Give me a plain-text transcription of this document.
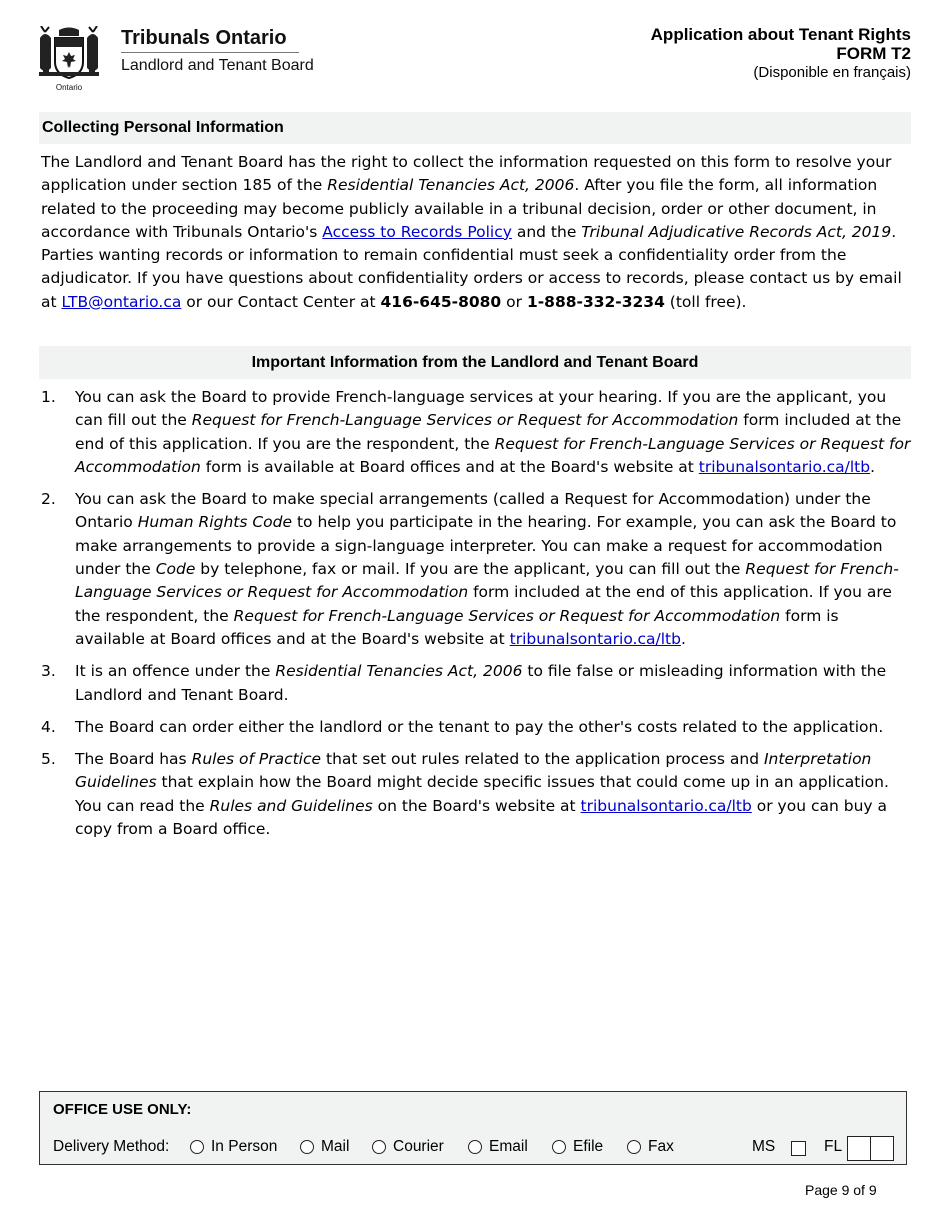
Ontario
Tribunals Ontario
Landlord and Tenant Board
Application about Tenant Rights
FORM T2
(Disponible en français)
Collecting Personal Information
The Landlord and Tenant Board has the right to collect the information requested on this form to resolve your application under section 185 of the Residential Tenancies Act, 2006. After you file the form, all information related to the proceeding may become publicly available in a tribunal decision, order or other document, in accordance with Tribunals Ontario's Access to Records Policy and the Tribunal Adjudicative Records Act, 2019. Parties wanting records or information to remain confidential must seek a confidentiality order from the adjudicator. If you have questions about confidentiality orders or access to records, please contact us by email at LTB@ontario.ca or our Contact Center at 416-645-8080 or 1-888-332-3234 (toll free).
Important Information from the Landlord and Tenant Board
1. You can ask the Board to provide French-language services at your hearing. If you are the applicant, you can fill out the Request for French-Language Services or Request for Accommodation form included at the end of this application. If you are the respondent, the Request for French-Language Services or Request for Accommodation form is available at Board offices and at the Board's website at tribunalsontario.ca/ltb.
2. You can ask the Board to make special arrangements (called a Request for Accommodation) under the Ontario Human Rights Code to help you participate in the hearing. For example, you can ask the Board to make arrangements to provide a sign-language interpreter. You can make a request for accommodation under the Code by telephone, fax or mail. If you are the applicant, you can fill out the Request for French-Language Services or Request for Accommodation form included at the end of this application. If you are the respondent, the Request for French-Language Services or Request for Accommodation form is available at Board offices and at the Board's website at tribunalsontario.ca/ltb.
3. It is an offence under the Residential Tenancies Act, 2006 to file false or misleading information with the Landlord and Tenant Board.
4. The Board can order either the landlord or the tenant to pay the other's costs related to the application.
5. The Board has Rules of Practice that set out rules related to the application process and Interpretation Guidelines that explain how the Board might decide specific issues that could come up in an application. You can read the Rules and Guidelines on the Board's website at tribunalsontario.ca/ltb or you can buy a copy from a Board office.
OFFICE USE ONLY:
Delivery Method:	In Person	Mail	Courier	Email	Efile	Fax	MS	FL
Page 9 of 9
